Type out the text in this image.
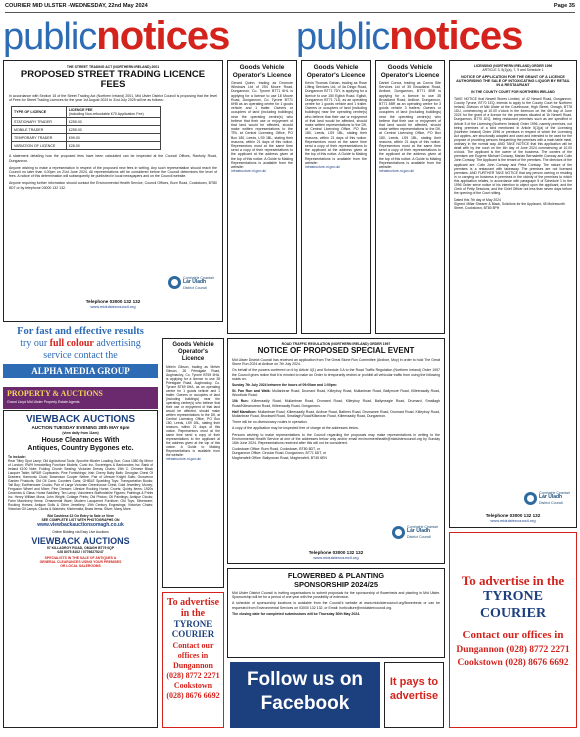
COURIER MID ULSTER -WEDNESDAY, 22nd May 2024	Page 35
public notices public notices
THE STREET TRADING ACT (NORTHERN IRELAND) 2001
PROPOSED STREET TRADING LICENCE FEES
In accordance with Section 15 of the Street Trading Act (Northern Ireland) 2001, Mid Ulster District Council is proposing that the level of Fees for Street Trading Licences for the year 1st August 2024 to 31st July 2025 will be as follows:
TYPE OF LICENCE	LICENCE FEE
(including Non-refundable £70 Application Fee)
STATIONARY TRADER	£255.00
MOBILE TRADER	£255.00
TEMPORARY TRADER	£99.00
VARIATION OF LICENCE	£28.00
A statement detailing how the proposed fees have been calculated can be inspected at the Council Offices, Ranfurly Road, Dungannon.
Anyone wishing to make a representation in respect of the proposed new fees in writing. Any such representation should reach the Council no later than 4.00pm on 21st June 2024. All representations will be considered before the Council determines the level of fees. A notice of this determination will subsequently be published in local newspapers and on the Council website.
Anyone requiring further information should contact the Environmental Health Service, Council Offices, Burn Road, Cookstown, BT80 8DT or by telephone 03000 132 132.
Comhairle Ceantair
Lár Uladh
District Council
Telephone 03000 132 132
www.midulstercouncil.org
For fast and effective results
try our full colour advertising
service contact the
ALPHA MEDIA GROUP
PROPERTY & AUCTIONS
Grand Lloyd Mid Ulster Property Estate Agents
VIEWBACK AUCTIONS
AUCTION TUESDAY EVENING 28th MAY 6pm
(view daily from 11am)
House Clearances With
Antiques, Country Bygones etc.
To include:
Rear Tilley Spot Lamp; Old Agricultural Tools; Spoothe Mizzler Loading Gun; Coca 1080 By Mirror of London; RWH Inmodelling Furniture Models; Curio Inc. Sovereigns & Bankonotes Inc. Bank of Ireland £100 Note; Folding Church Seating; Victorian Dressy Chairs; 19th C. Chinese Black Lacquer Table; WR&R Cupboards; Pine Furnishings; Irish Cherry Baby Bath; Georgian Chest Of Drawers; Harmonic Clock; Bowenson Cooper Settee, Pair of Lifesize Knight Suits; Grosvenor Garden Products; Old Oil Cans; Counters Cans; GHIBLE Sparkling Toys; Transportation Books; Tall Boy; Earthenware Crocks; Pair of Large Victorian Greenhouse Chest; Gold Jewellery; Money; Ferguson Wheel and Mixer; Pine Dresser; Lifesize Rocking Horse; Cruets; Quirky Items; 1920s Ceramics & Glass; Horse Saddlery; Ten Lamp; Volunteers Staffordshire Figures; Paintings & Prints Inc. Henry William Moss; John Wright; Cottage Prints; Old Photos; Oil Paintings; Antique Clocks; Farm Machinery Items; Ornamental Ware; Modern Lacquered Furniture; Old Toys; Silverware; Rocking Horses; Antique Dolls & Other Jewellery; 19th Century Engravings; Victorian Chairs; Victorian Oil Lamps; Clocks & Watches; Kitchenalia; Brass Items; Silver; Many More.
Bid Cashless £2 On Entry to Sale or View
SEE COMPLETE LIST WITH PHOTOGRAPHS ON
www.viewbackauctionsomagh.co.uk
Online Bidding via Easy Live Auctions
VIEWBACK AUCTIONS
57 KILLADROY ROAD, OMAGH BT79 0QP
028 8075 8102 / 07766275247
SPECIALISTS IN THE SALE OF ANTIQUES &
GENERAL CLEARANCES USING YOUR PREMISES
OR LOCAL SALEROOMS
Goods Vehicle Operator's Licence
Gerard Quinn, trading as Dromore Windows Ltd of 254 Moore Road, Dungannon, Co. Tyrone BT71 6HL is applying for a licence to use 18 Moore Road, Dungannon, Co. Tyrone BT71 6HB as an operating centre for 1 goods vehicle and 1 trailer. Owners or occupiers of land (including buildings) near the operating centre(s) who believe that their use or enjoyment of that land would be affected, should make written representations to the TRL at Central Licensing Office, PO Box 180, Leeds, LS9 1BL, stating their reasons, within 21 days of this notice. Representors must at the same time send a copy of their representations to the applicant at the address given at the top of this notice. A Guide to Making Representations is available from the website:
infrastructure-ni.gov.uk/
Goods Vehicle Operator's Licence
Kevin Thomas Gahan, trading as Rose Lifting Services Ltd, of 4a Dingo Road, Dungannon BT71 7DY, is applying for a licence to use 150 Eglish Road, Eglish, Dungannon BT71 7LD, as an operating centre for 1 goods vehicle and 1 trailer. Owners or occupiers of land (including buildings) near the operating centre(s) who believe that their use or enjoyment of that land would be affected, should make written representations to the DfI, at Central Licensing Office, PO Box 180, Leeds, LS9 1BL, stating their reasons, within 21 days of this notice. Representors must at the same time send a copy of their representations to the applicant at the address given at the top of this notice. A Guide to Making Representations is available from the website:
infrastructure-ni.gov.uk/
Goods Vehicle Operator's Licence
Daniel Conva, trading as Conva Site Services Ltd of 35 Broadland Road, Ardboe, Dungannon, BT71 5BR is applying for a licence to use 35 Broadland Road, Ardboe, Dungannon, BT71 5BR as an operating centre for 3 goods vehicle 3 trailers. Owners or occupiers of land (including buildings) near the operating centre(s) who believe that their use or enjoyment of that land would be affected, should make written representations to the DfI, at Central Licensing Office, PO Box 180, Leeds, LS9 1BL, stating their reasons, within 21 days of this notice. Representors must at the same time send a copy of their representations to the applicant at the address given at the top of this notice. A Guide to Making Representations is available from the website:
infrastructure-ni.gov.uk/
LICENSING (NORTHERN IRELAND) ORDER 1996
ARTICLE 3, 5(1)(a), 7, 9 and Schedule 1
NOTICE OF APPLICATION FOR THE GRANT OF A LICENCE AUTHORISING THE SALE OF INTOXICATING LIQUOR BY RETAIL IN A RESTAURANT
IN THE COUNTY COURT FOR NORTHERN IRELAND
TAKE NOTICE that Newell Stores Limited, of 42 Newell Road, Dungannon, County Tyrone, BT70 1EQ, intends to apply to the County Court for Northern Ireland, Division of Mid Ulster at the Courthouse, High Street, Omagh, BT78 1DU, commencing at 10.00 o'clock in the forenoon on the 4th day of June 2024 for the grant of a licence for the premises situated at 1b Newell Road, Dungannon, BT70 1EQ, being restaurant premises such as are specified in Article 5 of the Licensing (Northern Ireland) Order 1996, namely premises, not being premises of a kind mentioned in Article 5(1)(a) of the Licensing (Northern Ireland) Order 1996 or premises in respect of which the Licensing Act applies, are structurally adapted and used and intended to be used for the purpose of providing persons frequenting the premises with a main table meal, ordinary in the normal way. AND TAKE NOTICE that this application will be dealt with by the court on the 4th day of June 2024 commencing at 10.00 o'clock. The applicant is the owner of the business. The owners of the premises are Eugene Michael Conway, Marian Bernadette Conway and Colin John Conway. The Applicant is the tenant of the premises. The directors of the applicant are: Colin John Conway and Petra Conway. The nature of the premises is a restaurant with takeaway. The premises are not licensed premises. AND FURTHER TAKE NOTICE that any person owning or residing in or carrying on business in premises in the vicinity of the premises to which this application relates, in accordance with paragraph 5 of Schedule 1 to the 1996 Order serve notice of his intention to object upon the applicant, and the Clerk of Petty Sessions, and the Chief Officer not less than seven days before the opening of the Court sitting.
Dated this 7th day of May 2024
Signed: Millar Shearer & Black, Solicitors for the Applicant, 48 Molesworth Street, Cookstown, BT80 8PH
Comhairle Ceantair
Lár Uladh
District Council
Telephone 03000 132 132
www.midulstercouncil.org
Goods Vehicle Operator's Licence
Melvin Gibson, trading as Melvin Gibson, 28 Priestgate Road, Aughnacloy, Co. Tyrone BT69 6HA, is applying for a licence to use 28 Priestgate Road, Aughnacloy, Co. Tyrone BT69 6HA, as an operating centre for 1 goods vehicle and 1 trailer. Owners or occupiers of land (including buildings) near the operating centre(s) who believe that their use or enjoyment of that land would be affected, should make written representations to the DfI, at Central Licensing Office, PO Box 180, Leeds, LS9 1BL, stating their reasons, within 21 days of this notice. Representors must at the same time send a copy of their representations to the applicant at the address given at the top of this notice. A Guide to Making Representations is available from the website:
infrastructure-ni.gov.uk/
ROAD TRAFFIC REGULATION (NORTHERN IRELAND) ORDER 1997
NOTICE OF PROPOSED SPECIAL EVENT
Mid Ulster District Council has received an application from The Great Stone Run Committee (Ardboe, Moy) in order to hold The Great Stone Run 2024 at Ardboe on 7th July 2024.
On behalf of the powers conferred on it by Article 4(1) and Schedule 3 A to the Road Traffic Regulation (Northern Ireland) Order 1997 the Council gives notice that it is minded to make an Order to temporarily restrict or prohibit all vehicular traffic from using the following roads on:
Sunday 7th July 2024 between the hours of 09:00am and 1:00pm:
St. Fan Run and Walk: Mullanbrae Road, Drumard Road, Killeyboy Road, Mullanbrae Road, Ballymore Road, Killeeraadly Road, Woodlock Road.
10k Run: Killeeraadly Road, Mullanbrae Road, Drumard Road, Killeyboy Road, Ballyneagle Road, Drumard, Smallagh Road/Killeanorean Road, Killeeraadly Road, Dungannon.
Half Marathon: Mullanbrae Road, Killeeraadly Road, Ardboe Road, Bathers Road, Drumanee Road, Drumard Road, Killeyboy Road, Mullanbrae Road, Brockwell Road, Smallagh Road/Kilkeoran Road, Killeeraadly Road, Dungannon.
There will be no diversionary routes in operation.
A copy of the application may be inspected free of charge at the addresses below.
Persons wishing to make representations to the Council regarding the proposals may make representations in writing to the Environmental Health Service at one of the addresses below only and/or email environmenthealth@midulstercouncil.org by Sunday 16th June 2024. Representations received after this will not be considered.
Cookstown Office: Burn Road, Cookstown, BT80 8DT, or
Dungannon Office: Circular Road, Dungannon, BT71 6DT, or
Magherafelt Office: Ballyronan Road, Magherafelt, BT45 6EN
Comhairle Ceantair
Lár Uladh
District Council
Telephone 03000 132 132
www.midulstercouncil.org
To advertise
in the
TYRONE COURIER
Contact our offices in
Dungannon
(028) 8772 2271
Cookstown
(028) 8676 6692
FLOWERBED & PLANTING
SPONSORSHIP 2024/25
Mid Ulster District Council is inviting organisations to submit proposals for the sponsorship of flowerbeds and planting in Mid Ulster. Sponsorship will be for a period of one year with the possibility of extension.
A schedule of sponsorship locations is available from the Council's website at www.midulstercouncil.org/flowerbeds or can be requested from Environmental Services on 03000 132 132, or Email: horticulture@midulstercouncil.org.
The closing date for completed submissions will be Thursday 30th May 2024.
Follow us on
Facebook
It pays to
advertise
To advertise in the
TYRONE COURIER
Contact our offices in
Dungannon (028) 8772 2271
Cookstown (028) 8676 6692
